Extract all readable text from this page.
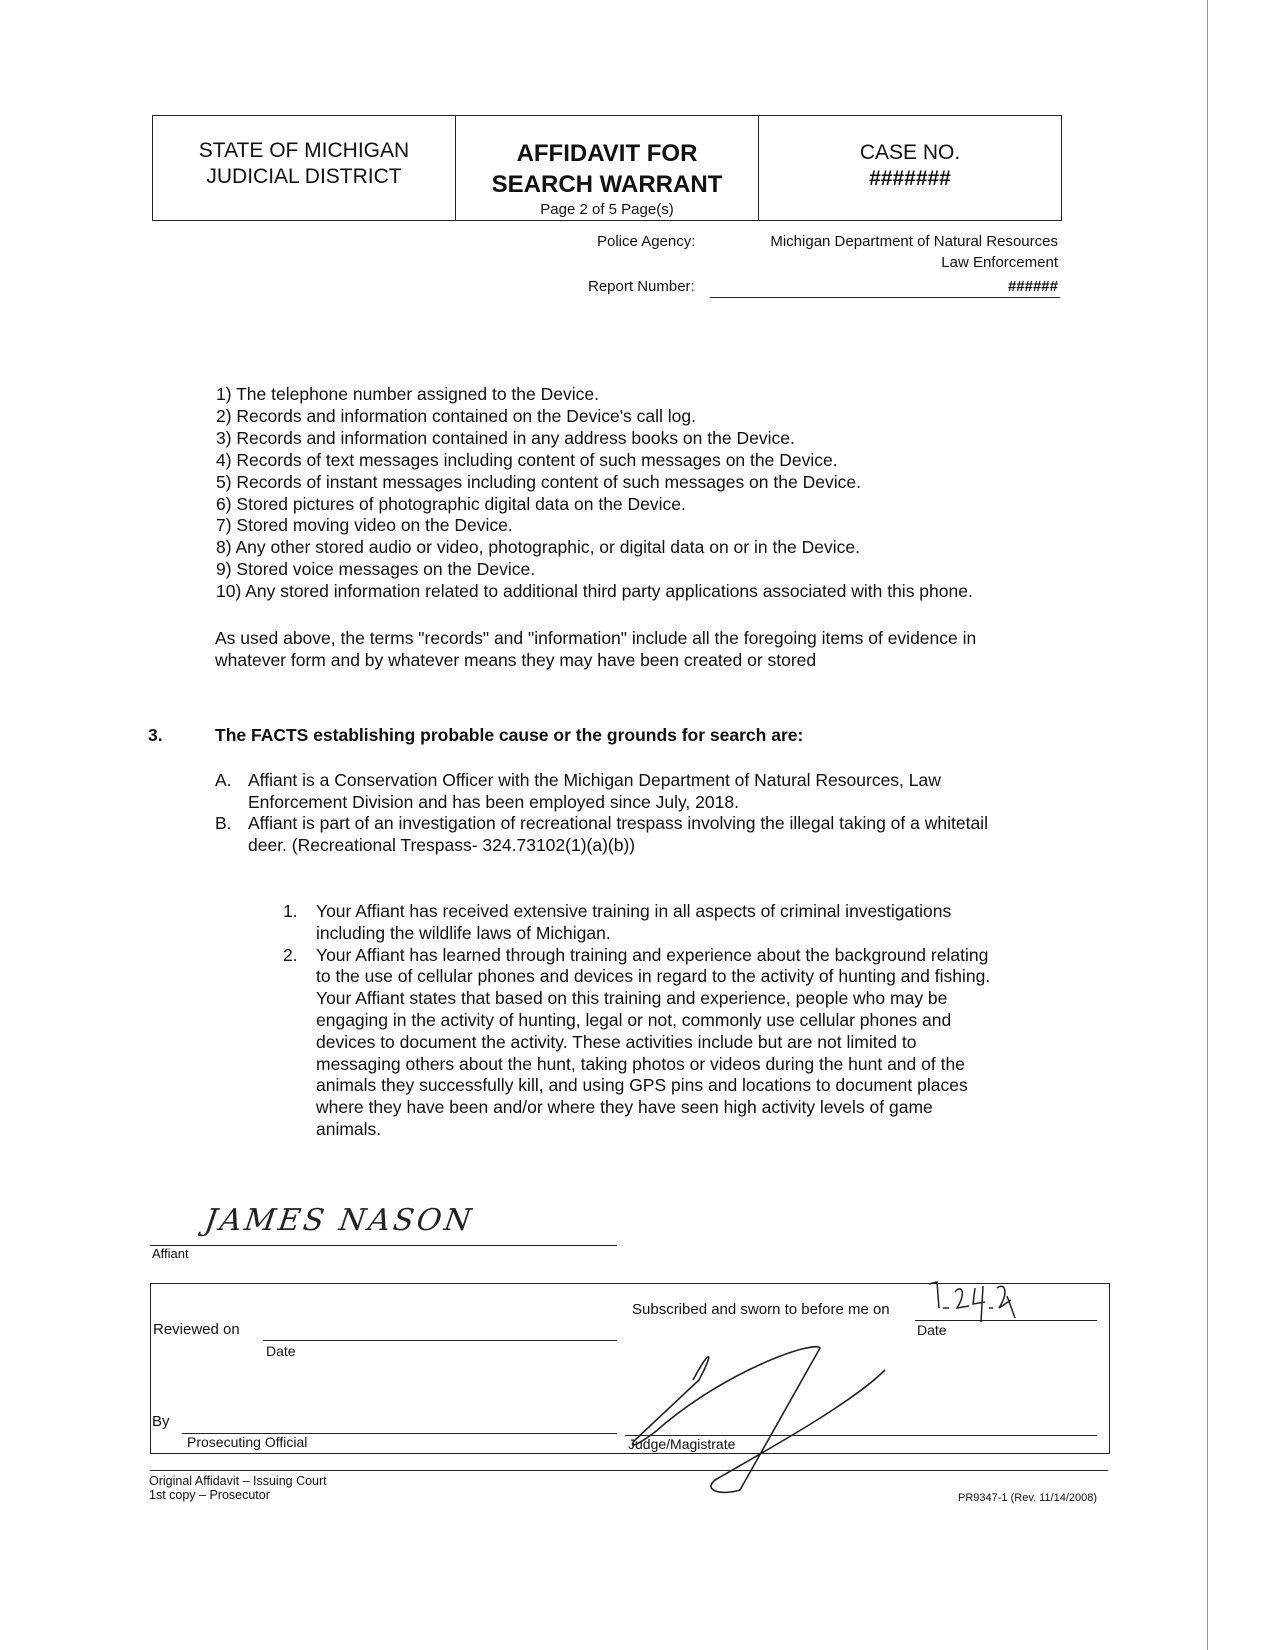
STATE OF MICHIGAN
JUDICIAL DISTRICT
AFFIDAVIT FOR
SEARCH WARRANT
Page 2 of 5 Page(s)
CASE NO.
#######
Police Agency:	Michigan Department of Natural Resources
Law Enforcement
Report Number:	######
1) The telephone number assigned to the Device.
2) Records and information contained on the Device's call log.
3) Records and information contained in any address books on the Device.
4) Records of text messages including content of such messages on the Device.
5) Records of instant messages including content of such messages on the Device.
6) Stored pictures of photographic digital data on the Device.
7) Stored moving video on the Device.
8) Any other stored audio or video, photographic, or digital data on or in the Device.
9) Stored voice messages on the Device.
10) Any stored information related to additional third party applications associated with this phone.
As used above, the terms "records" and "information" include all the foregoing items of evidence in
whatever form and by whatever means they may have been created or stored
3.	The FACTS establishing probable cause or the grounds for search are:
A. Affiant is a Conservation Officer with the Michigan Department of Natural Resources, Law
Enforcement Division and has been employed since July, 2018.
B. Affiant is part of an investigation of recreational trespass involving the illegal taking of a whitetail
deer. (Recreational Trespass- 324.73102(1)(a)(b))
1. Your Affiant has received extensive training in all aspects of criminal investigations
including the wildlife laws of Michigan.
2. Your Affiant has learned through training and experience about the background relating
to the use of cellular phones and devices in regard to the activity of hunting and fishing.
Your Affiant states that based on this training and experience, people who may be
engaging in the activity of hunting, legal or not, commonly use cellular phones and
devices to document the activity. These activities include but are not limited to
messaging others about the hunt, taking photos or videos during the hunt and of the
animals they successfully kill, and using GPS pins and locations to document places
where they have been and/or where they have seen high activity levels of game
animals.
JAMES NASON
Affiant
Reviewed on
Date
By
Prosecuting Official
Subscribed and sworn to before me on
Date
Judge/Magistrate
Original Affidavit – Issuing Court
1st copy – Prosecutor	PR9347-1 (Rev. 11/14/2008)
